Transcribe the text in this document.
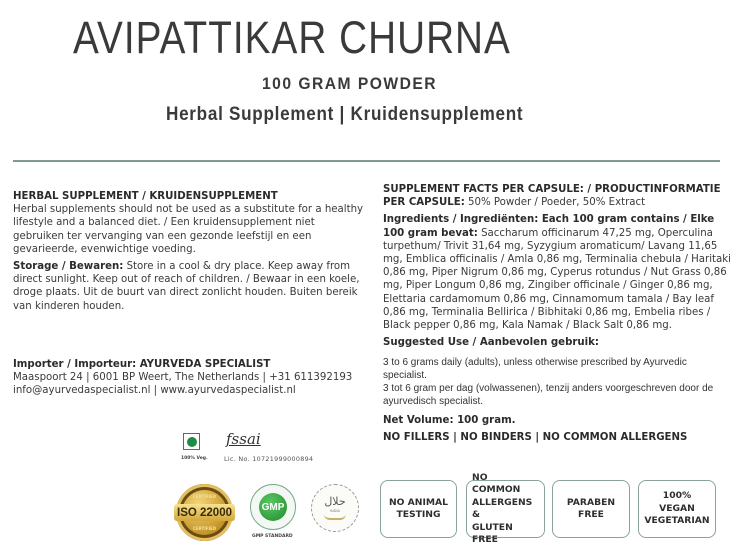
AVIPATTIKAR CHURNA
100 GRAM POWDER
Herbal Supplement | Kruidensupplement
HERBAL SUPPLEMENT / KRUIDENSUPPLEMENT
Herbal supplements should not be used as a substitute for a healthy lifestyle and a balanced diet. / Een kruidensupplement niet gebruiken ter vervanging van een gezonde leefstijl en een gevarieerde, evenwichtige voeding.
Storage / Bewaren: Store in a cool & dry place. Keep away from direct sunlight. Keep out of reach of children. / Bewaar in een koele, droge plaats. Uit de buurt van direct zonlicht houden. Buiten bereik van kinderen houden.
Importer / Importeur: AYURVEDA SPECIALIST
Maaspoort 24 | 6001 BP Weert, The Netherlands | +31 611392193
info@ayurvedaspecialist.nl | www.ayurvedaspecialist.nl
100% Veg.
fssai
Lic. No. 10721999000894
CERTIFIED
ISO 22000
CERTIFIED
GMP
GMP STANDARD
حلال
INDIA
SUPPLEMENT FACTS PER CAPSULE: / PRODUCTINFORMATIE PER CAPSULE: 50% Powder / Poeder, 50% Extract
Ingredients / Ingrediënten: Each 100 gram contains / Elke 100 gram bevat: Saccharum officinarum 47,25 mg, Operculina turpethum/ Trivit 31,64 mg, Syzygium aromaticum/ Lavang 11,65 mg, Emblica officinalis / Amla 0,86 mg, Terminalia chebula / Haritaki 0,86 mg, Piper Nigrum 0,86 mg, Cyperus rotundus / Nut Grass 0,86 mg, Piper Longum 0,86 mg, Zingiber officinale / Ginger 0,86 mg, Elettaria cardamomum 0,86 mg, Cinnamomum tamala / Bay leaf 0,86 mg, Terminalia Bellirica / Bibhitaki 0,86 mg, Embelia ribes / Black pepper 0,86 mg, Kala Namak / Black Salt 0,86 mg.
Suggested Use / Aanbevolen gebruik:
3 to 6 grams daily (adults), unless otherwise prescribed by Ayurvedic specialist.
3 tot 6 gram per dag (volwassenen), tenzij anders voorgeschreven door de ayurvedisch specialist.
Net Volume: 100 gram.
NO FILLERS | NO BINDERS | NO COMMON ALLERGENS
NO ANIMAL
TESTING
NO COMMON
ALLERGENS &
GLUTEN FREE
PARABEN
FREE
100% VEGAN
VEGETARIAN
